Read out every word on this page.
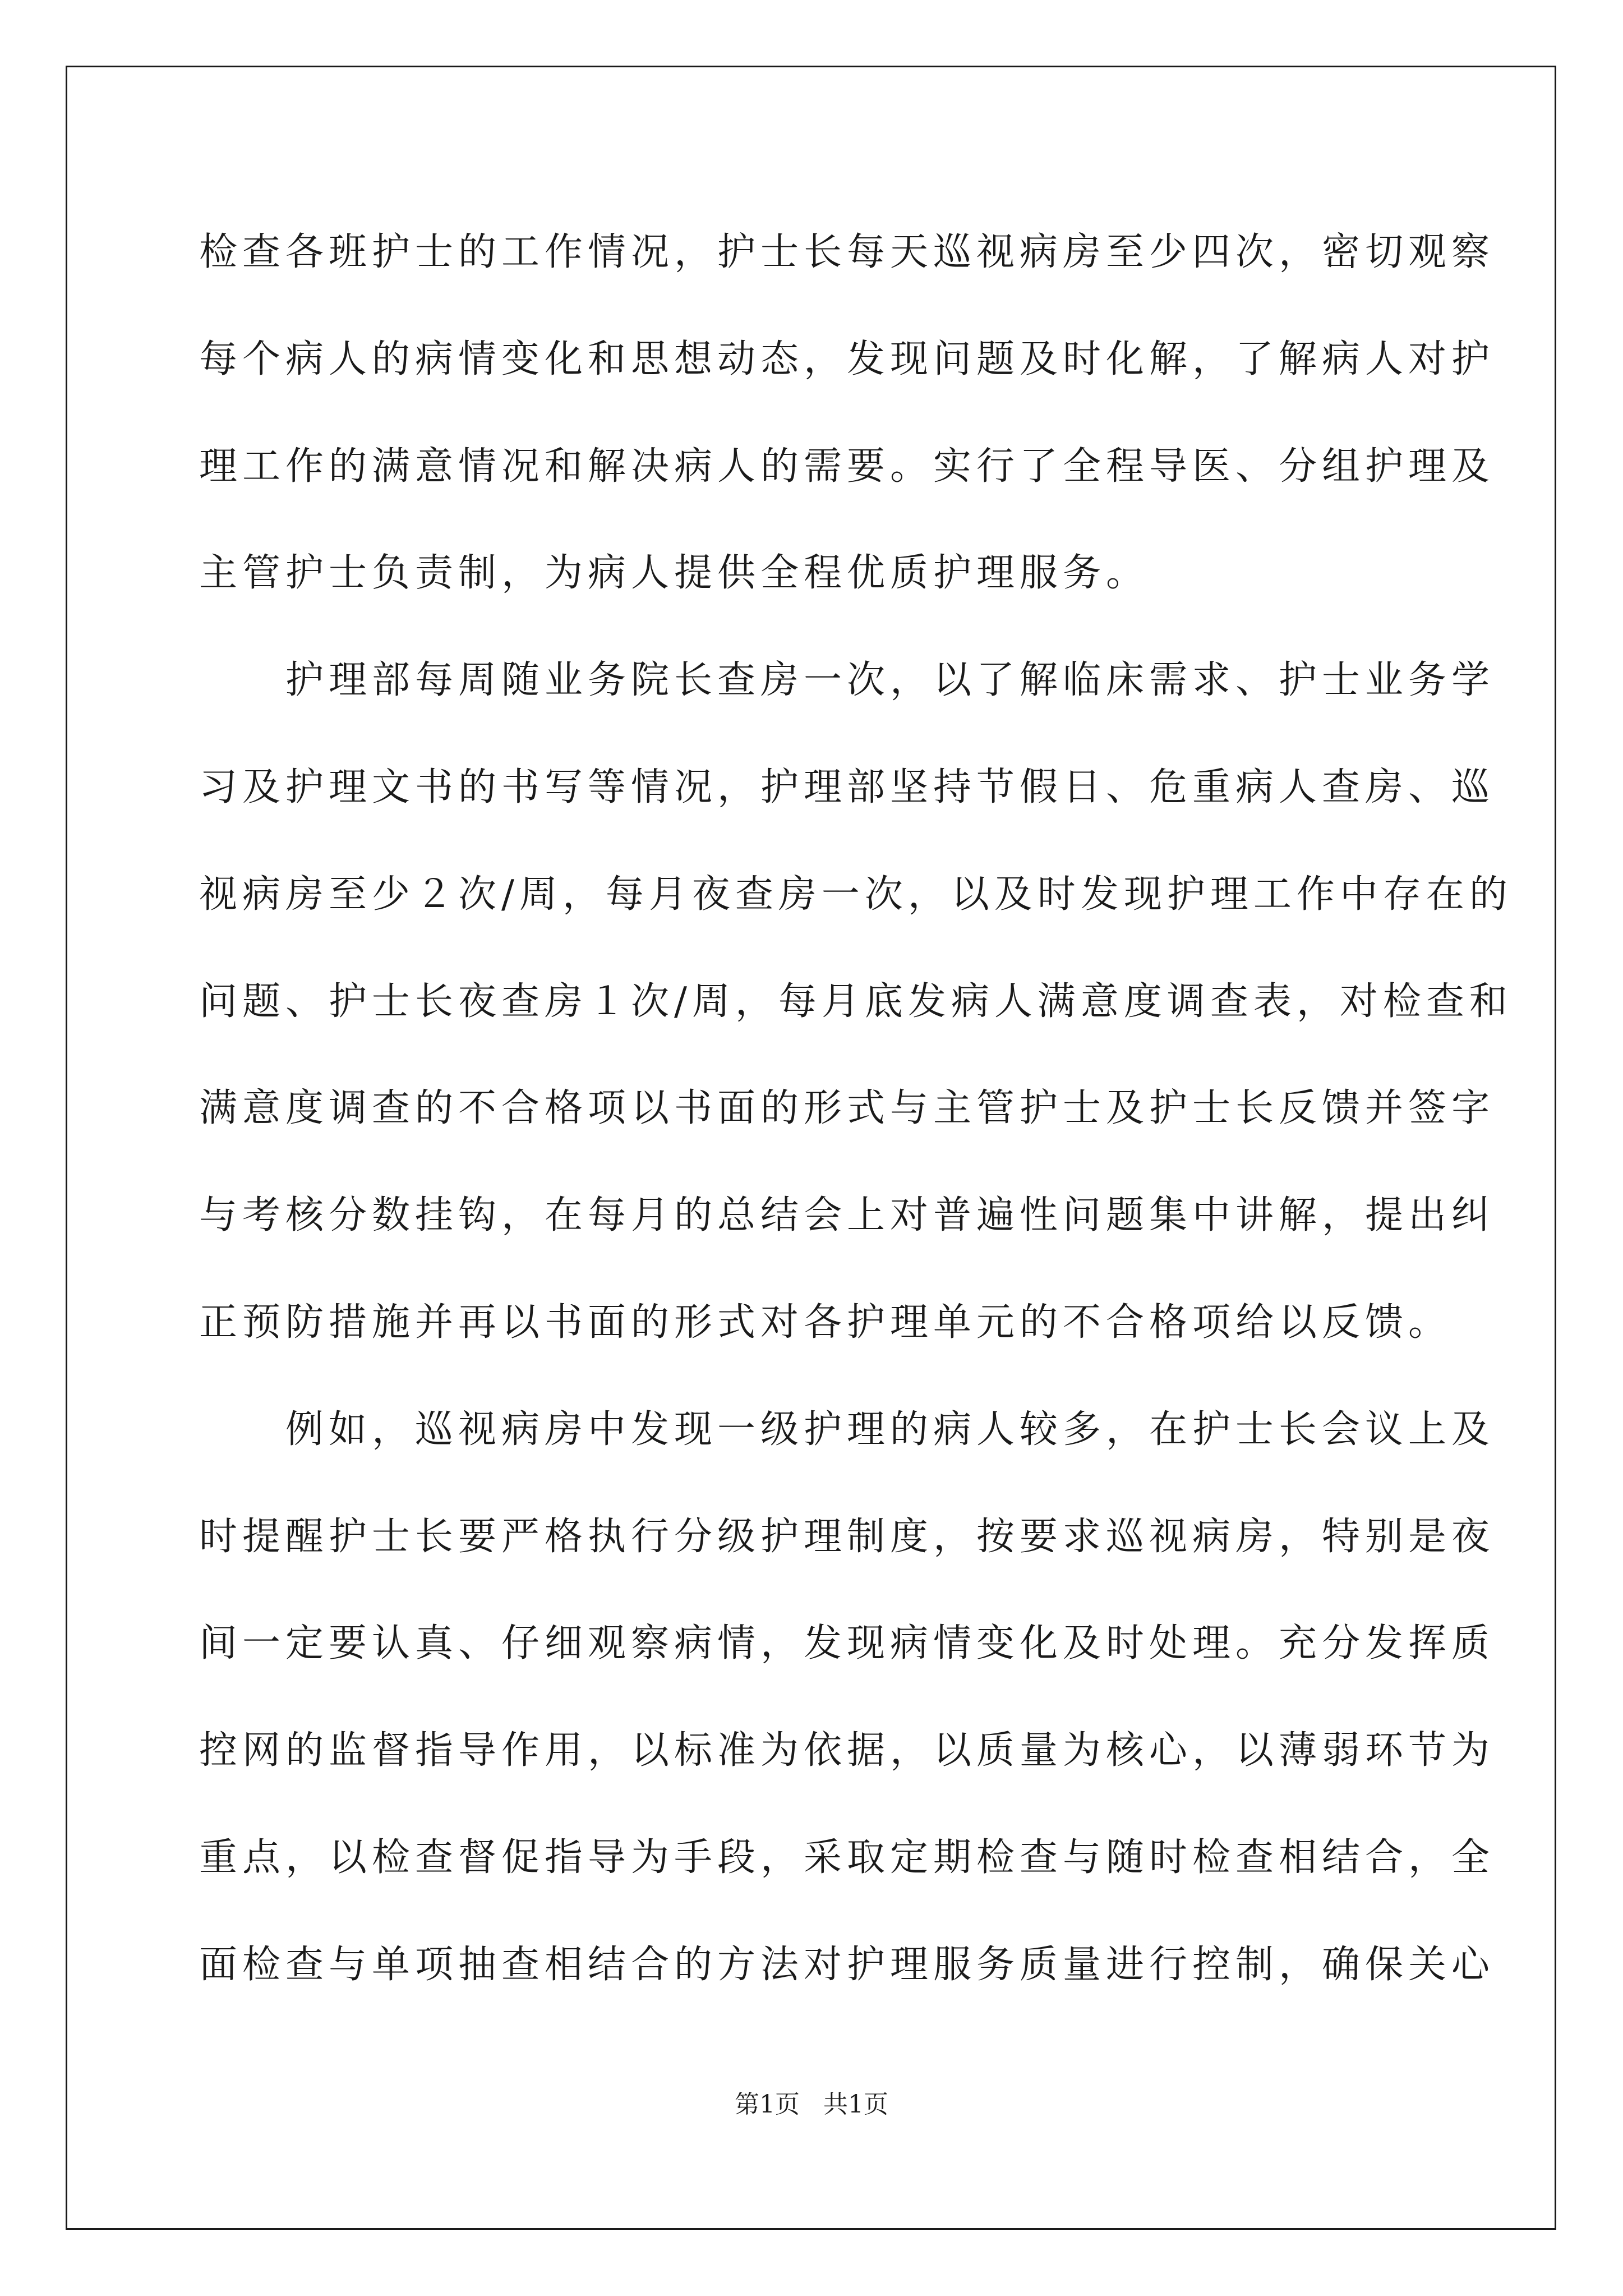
检查各班护士的工作情况，护士长每天巡视病房至少四次，密切观察
每个病人的病情变化和思想动态，发现问题及时化解，了解病人对护
理工作的满意情况和解决病人的需要。实行了全程导医、分组护理及
主管护士负责制，为病人提供全程优质护理服务。
护理部每周随业务院长查房一次，以了解临床需求、护士业务学
习及护理文书的书写等情况，护理部坚持节假日、危重病人查房、巡
视病房至少２次/周，每月夜查房一次，以及时发现护理工作中存在的
问题、护士长夜查房１次/周，每月底发病人满意度调查表，对检查和
满意度调查的不合格项以书面的形式与主管护士及护士长反馈并签字
与考核分数挂钩，在每月的总结会上对普遍性问题集中讲解，提出纠
正预防措施并再以书面的形式对各护理单元的不合格项给以反馈。
例如，巡视病房中发现一级护理的病人较多，在护士长会议上及
时提醒护士长要严格执行分级护理制度，按要求巡视病房，特别是夜
间一定要认真、仔细观察病情，发现病情变化及时处理。充分发挥质
控网的监督指导作用，以标准为依据，以质量为核心，以薄弱环节为
重点，以检查督促指导为手段，采取定期检查与随时检查相结合，全
面检查与单项抽查相结合的方法对护理服务质量进行控制，确保关心
第1页   共1页
